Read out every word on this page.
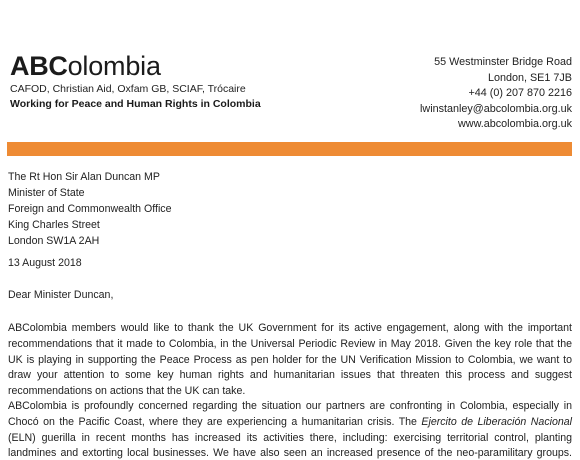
ABColombia
CAFOD, Christian Aid, Oxfam GB, SCIAF, Trócaire
Working for Peace and Human Rights in Colombia
55 Westminster Bridge Road
London, SE1 7JB
+44 (0) 207 870 2216
lwinstanley@abcolombia.org.uk
www.abcolombia.org.uk
The Rt Hon Sir Alan Duncan MP
Minister of State
Foreign and Commonwealth Office
King Charles Street
London SW1A 2AH
13 August 2018
Dear Minister Duncan,
ABColombia members would like to thank the UK Government for its active engagement, along with the important
recommendations that it made to Colombia, in the Universal Periodic Review in May 2018. Given the key role that the
UK is playing in supporting the Peace Process as pen holder for the UN Verification Mission to Colombia, we want to
draw your attention to some key human rights and humanitarian issues that threaten this process and suggest
recommendations on actions that the UK can take.
ABColombia is profoundly concerned regarding the situation our partners are confronting in Colombia, especially in
Chocó on the Pacific Coast, where they are experiencing a humanitarian crisis. The Ejercito de Liberación Nacional
(ELN) guerilla in recent months has increased its activities there, including: exercising territorial control, planting
landmines and extorting local businesses. We have also seen an increased presence of the neo-paramilitary groups.
